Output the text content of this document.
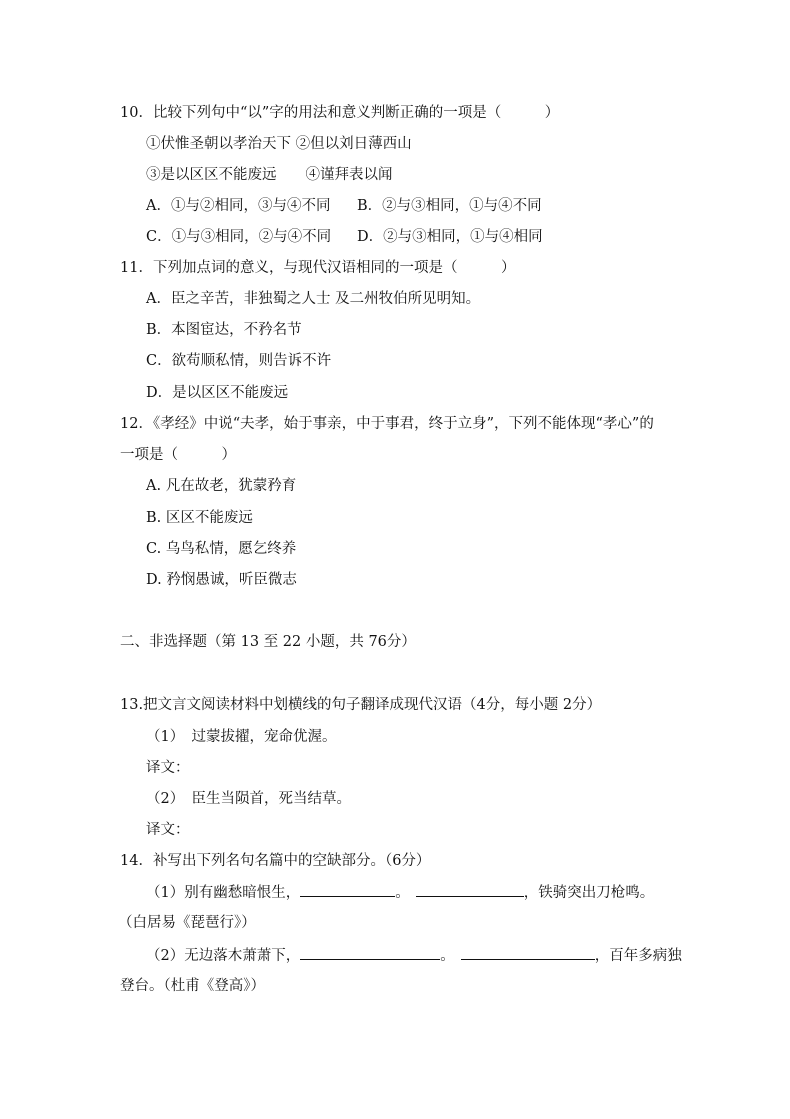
10．比较下列句中“以”字的用法和意义判断正确的一项是（　　　）
①伏惟圣朝以孝治天下 ②但以刘日薄西山
③是以区区不能废远　　④谨拜表以闻
A．①与②相同，③与④不同 B．②与③相同，①与④不同
C．①与③相同，②与④不同 D．②与③相同，①与④相同
11．下列加点词的意义，与现代汉语相同的一项是（　　　）
A．臣之辛苦，非独蜀之人士 及二州牧伯所见明知。
B．本图宦达，不矜名节
C．欲苟顺私情，则告诉不许
D．是以区区不能废远
12．《孝经》中说“夫孝，始于事亲，中于事君，终于立身”，下列不能体现“孝心”的
一项是（　　　）
A. 凡在故老，犹蒙矜育
B. 区区不能废远
C. 乌鸟私情，愿乞终养
D. 矜悯愚诚，听臣微志
二、非选择题（第 13 至 22 小题，共 76分）
13.把文言文阅读材料中划横线的句子翻译成现代汉语（4分，每小题 2分）
（1）　过蒙拔擢，宠命优渥。
译文：
（2）　臣生当陨首，死当结草。
译文：
14．补写出下列名句名篇中的空缺部分。（6分）
（1）别有幽愁暗恨生，	。	，铁骑突出刀枪鸣。
（白居易《琵琶行》）
（2）无边落木萧萧下，	。	，百年多病独
登台。（杜甫《登高》）
